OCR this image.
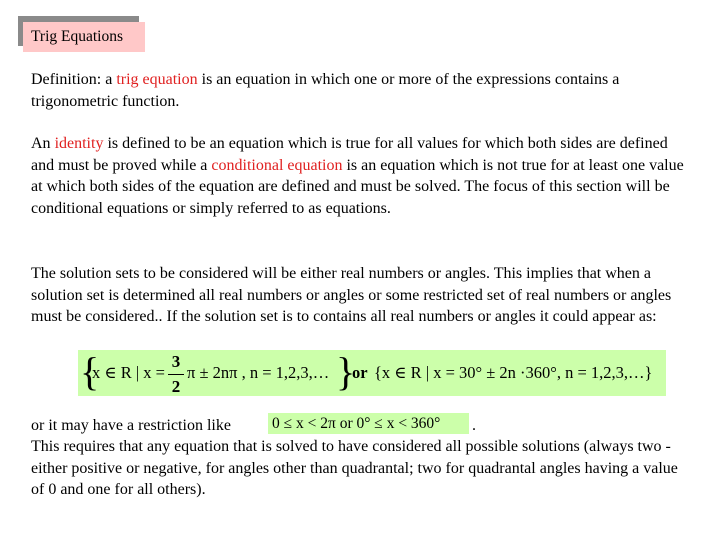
Trig Equations

Definition: a trig equation is an equation in which one or more of the expressions contains a trigonometric function.

An identity is defined to be an equation which is true for all values for which both sides are defined and must be proved while a conditional equation is an equation which is not true for at least one value at which both sides of the equation are defined and must be solved. The focus of this section will be conditional equations or simply referred to as equations.

The solution sets to be considered will be either real numbers or angles. This implies that when a solution set is determined all real numbers or angles or some restricted set of real numbers or angles must be considered.. If the solution set is to contains all real numbers or angles it could appear as:

{
x ∈ R | x =
3
2
π ± 2nπ , n = 1,2,3,… }
or {x ∈ R | x = 30° ± 2n ·360°, n = 1,2,3,…}

or it may have a restriction like	0 ≤ x < 2π or 0° ≤ x < 360°	.

This requires that any equation that is solved to have considered all possible solutions (always two - either positive or negative, for angles other than quadrantal; two for quadrantal angles having a value of 0 and one for all others).
